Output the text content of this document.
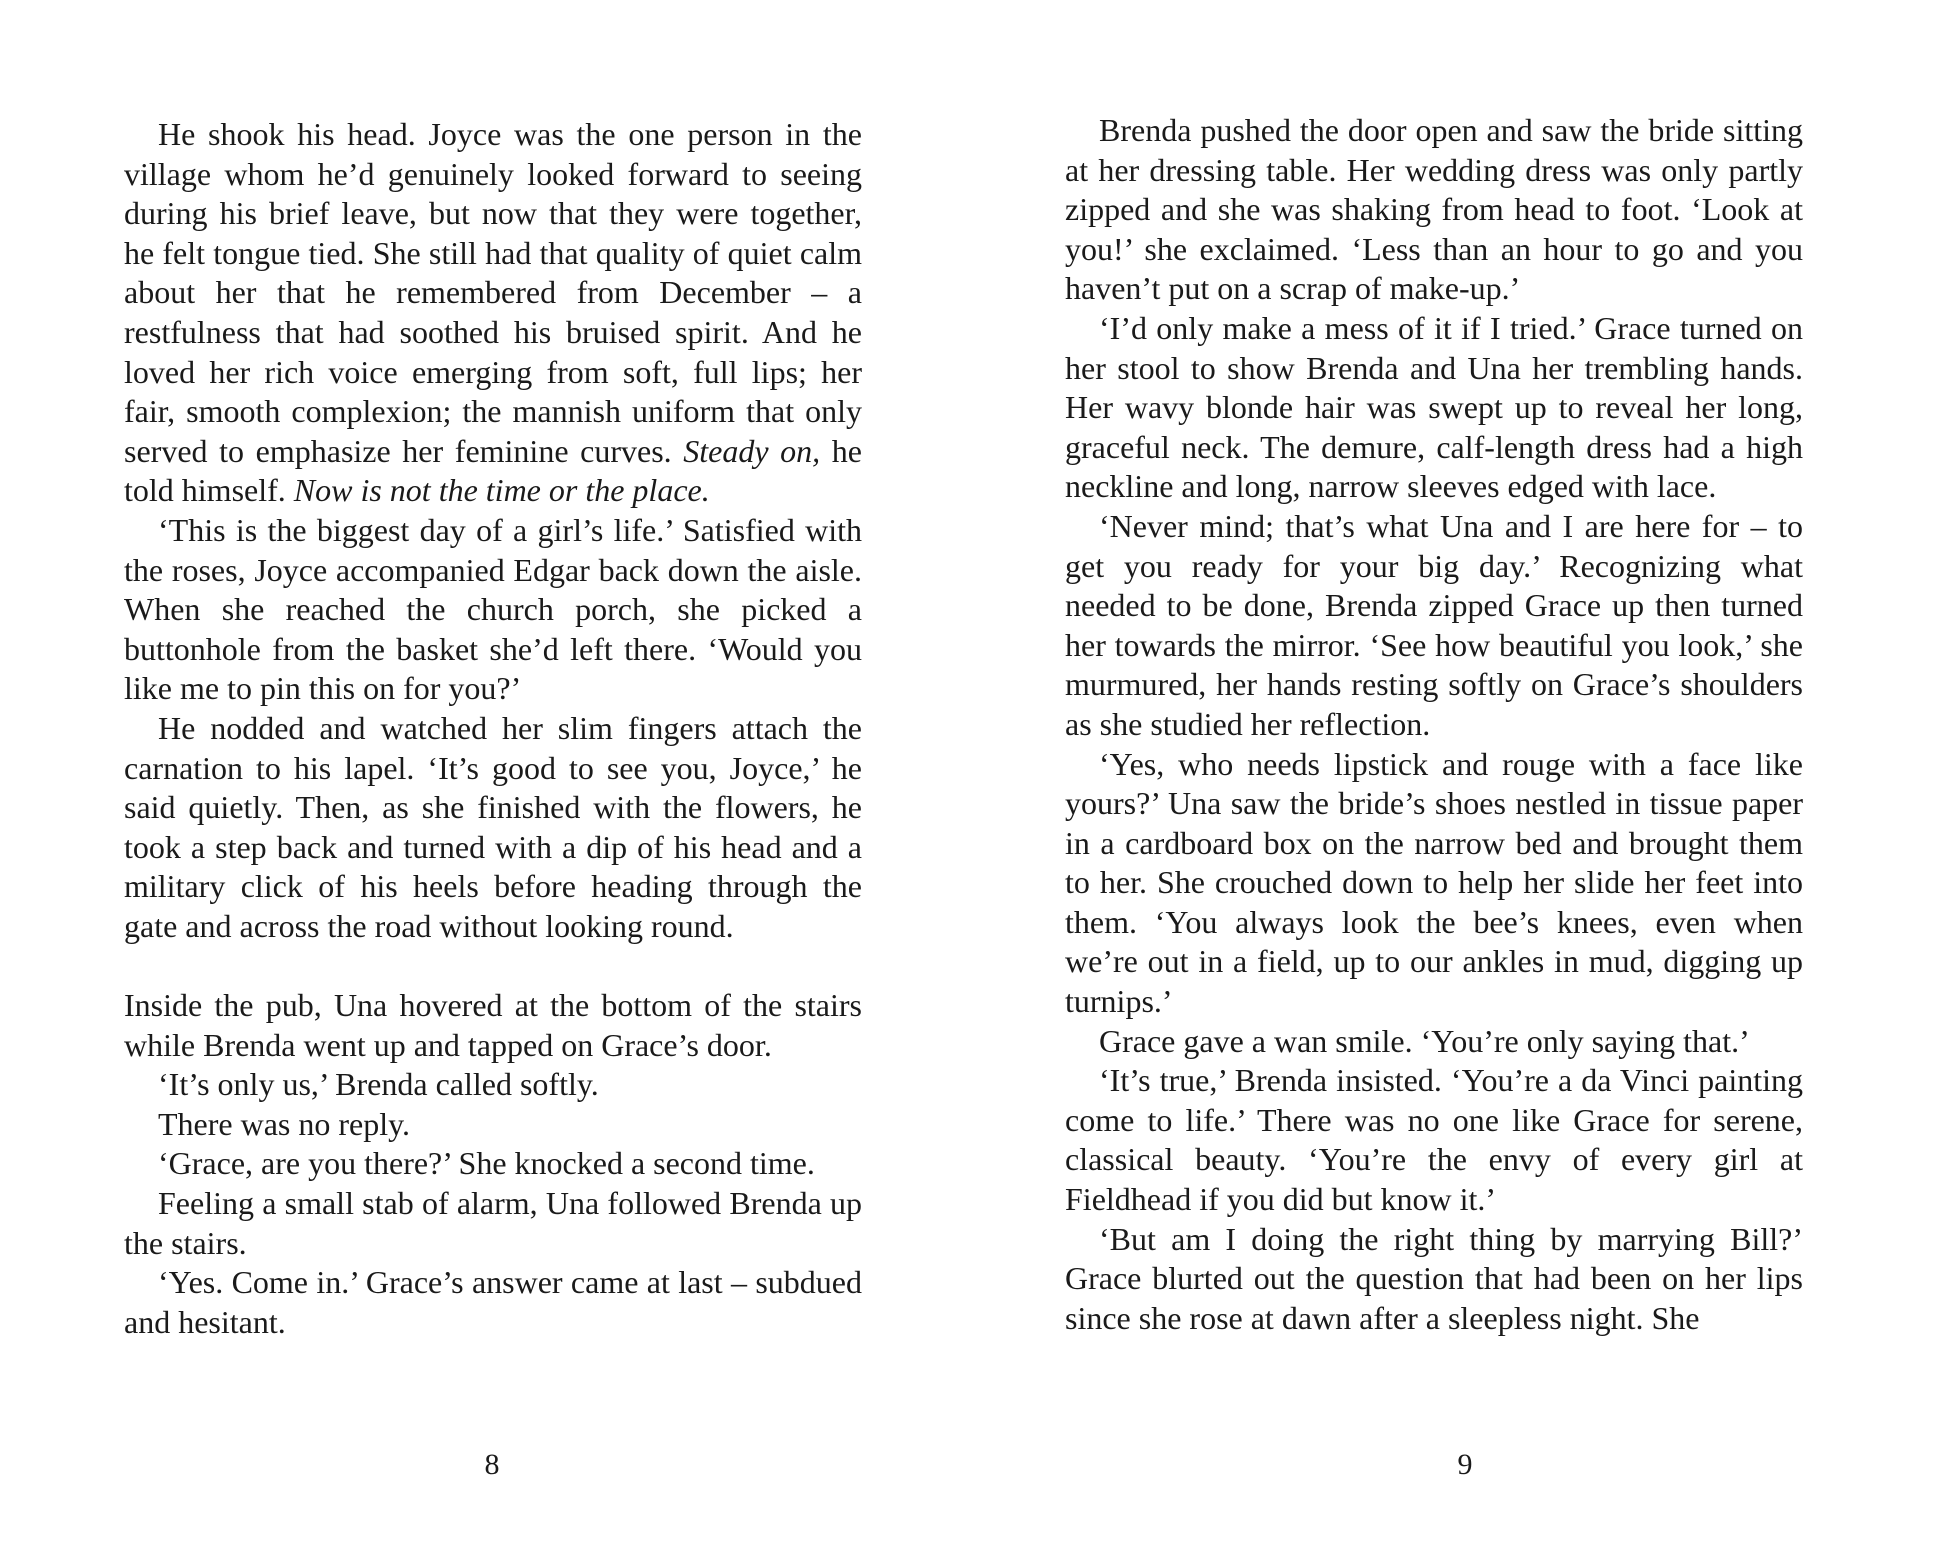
He shook his head. Joyce was the one person in the village whom he’d genuinely looked forward to seeing during his brief leave, but now that they were together, he felt tongue tied. She still had that quality of quiet calm about her that he remembered from December – a restfulness that had soothed his bruised spirit. And he loved her rich voice emerging from soft, full lips; her fair, smooth complexion; the mannish uniform that only served to emphasize her feminine curves. Steady on, he told himself. Now is not the time or the place.

‘This is the biggest day of a girl’s life.’ Satisfied with the roses, Joyce accompanied Edgar back down the aisle. When she reached the church porch, she picked a buttonhole from the basket she’d left there. ‘Would you like me to pin this on for you?’

He nodded and watched her slim fingers attach the carnation to his lapel. ‘It’s good to see you, Joyce,’ he said quietly. Then, as she finished with the flowers, he took a step back and turned with a dip of his head and a military click of his heels before heading through the gate and across the road without looking round.

Inside the pub, Una hovered at the bottom of the stairs while Brenda went up and tapped on Grace’s door.

‘It’s only us,’ Brenda called softly.

There was no reply.

‘Grace, are you there?’ She knocked a second time.

Feeling a small stab of alarm, Una followed Brenda up the stairs.

‘Yes. Come in.’ Grace’s answer came at last – subdued and hesitant.

8

Brenda pushed the door open and saw the bride sitting at her dressing table. Her wedding dress was only partly zipped and she was shaking from head to foot. ‘Look at you!’ she exclaimed. ‘Less than an hour to go and you haven’t put on a scrap of make-up.’

‘I’d only make a mess of it if I tried.’ Grace turned on her stool to show Brenda and Una her trembling hands. Her wavy blonde hair was swept up to reveal her long, graceful neck. The demure, calf-length dress had a high neckline and long, narrow sleeves edged with lace.

‘Never mind; that’s what Una and I are here for – to get you ready for your big day.’ Recognizing what needed to be done, Brenda zipped Grace up then turned her towards the mirror. ‘See how beautiful you look,’ she murmured, her hands resting softly on Grace’s shoulders as she studied her reflection.

‘Yes, who needs lipstick and rouge with a face like yours?’ Una saw the bride’s shoes nestled in tissue paper in a cardboard box on the narrow bed and brought them to her. She crouched down to help her slide her feet into them. ‘You always look the bee’s knees, even when we’re out in a field, up to our ankles in mud, digging up turnips.’

Grace gave a wan smile. ‘You’re only saying that.’

‘It’s true,’ Brenda insisted. ‘You’re a da Vinci painting come to life.’ There was no one like Grace for serene, classical beauty. ‘You’re the envy of every girl at Fieldhead if you did but know it.’

‘But am I doing the right thing by marrying Bill?’ Grace blurted out the question that had been on her lips since she rose at dawn after a sleepless night. She

9
